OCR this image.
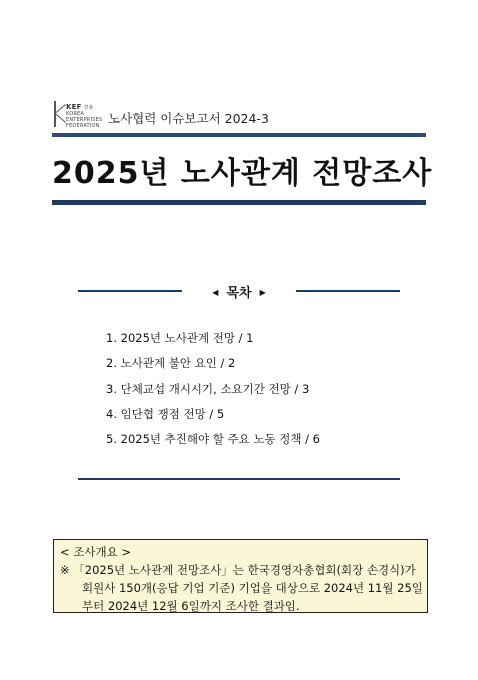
KEF 경총
KOREA
ENTERPRISES
FEDERATION 노사협력 이슈보고서 2024-3
2025년 노사관계 전망조사
◀ 목차 ▶
1. 2025년 노사관계 전망 / 1
2. 노사관계 불안 요인 / 2
3. 단체교섭 개시시기, 소요기간 전망 / 3
4. 임단협 쟁점 전망 / 5
5. 2025년 추진해야 할 주요 노동 정책 / 6
< 조사개요 >
※ 「2025년 노사관계 전망조사」는 한국경영자총협회(회장 손경식)가
회원사 150개(응답 기업 기준) 기업을 대상으로 2024년 11월 25일
부터 2024년 12월 6일까지 조사한 결과임.
